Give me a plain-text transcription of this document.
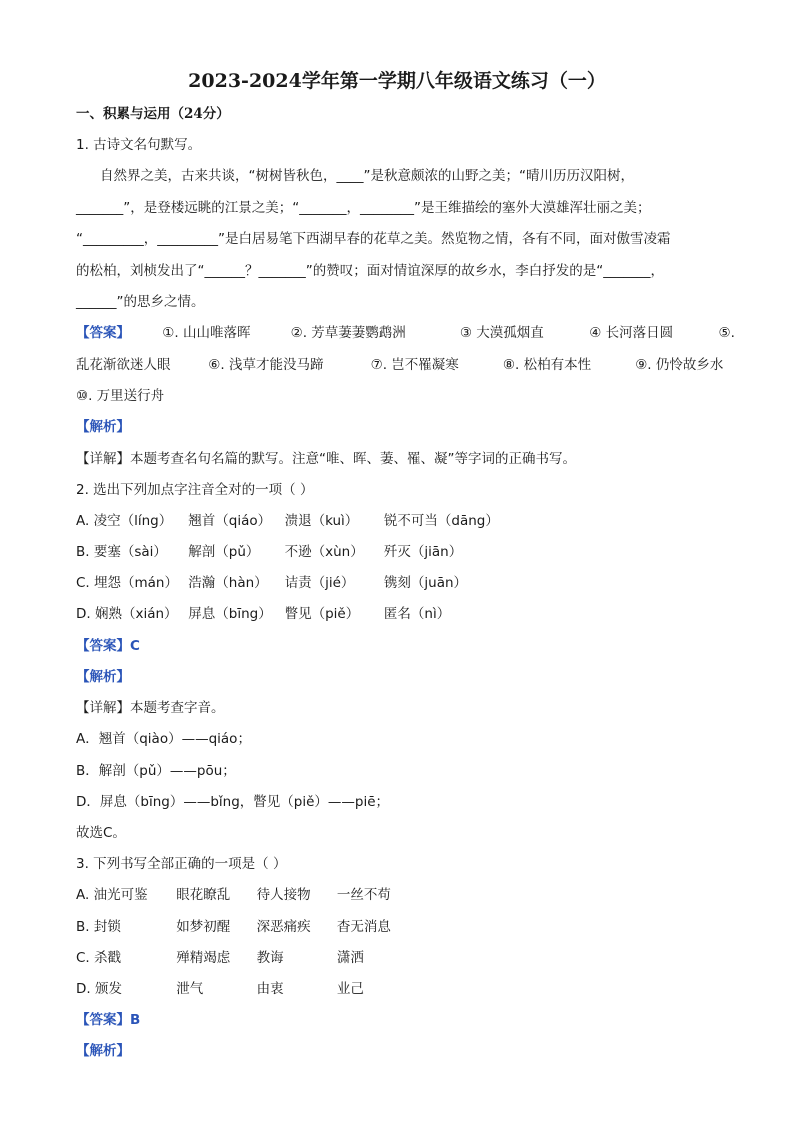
2023-2024学年第一学期八年级语文练习（一）
一、积累与运用（24分）
1. 古诗文名句默写。
自然界之美，古来共谈，“树树皆秋色，____”是秋意颇浓的山野之美；“晴川历历汉阳树，
_______”，是登楼远眺的江景之美；“_______，________”是王维描绘的塞外大漠雄浑壮丽之美；
“_________，_________”是白居易笔下西湖早春的花草之美。然览物之情，各有不同，面对傲雪凌霜
的松柏，刘桢发出了“______？_______”的赞叹；面对情谊深厚的故乡水，李白抒发的是“_______，
______”的思乡之情。
【答案】 ①. 山山唯落晖	②. 芳草萋萋鹦鹉洲	③ 大漠孤烟直	④ 长河落日圆	⑤.
乱花渐欲迷人眼	⑥. 浅草才能没马蹄	⑦. 岂不罹凝寒	⑧. 松柏有本性	⑨. 仍怜故乡水
⑩. 万里送行舟
【解析】
【详解】本题考查名句名篇的默写。注意“唯、晖、萋、罹、凝”等字词的正确书写。
2. 选出下列加点字注音全对的一项（ ）
A. 凌空（líng） 翘首（qiáo） 溃退（kuì） 锐不可当（dāng）
B. 要塞（sài） 解剖（pǔ） 不逊（xùn） 歼灭（jiān）
C. 埋怨（mán） 浩瀚（hàn） 诘责（jié） 镌刻（juān）
D. 娴熟（xián） 屏息（bīng） 瞥见（piě） 匿名（nì）
【答案】C
【解析】
【详解】本题考查字音。
A．翘首（qiào）——qiáo；
B．解剖（pǔ）——pōu；
D．屏息（bīng）——bǐng，瞥见（piě）——piē；
故选C。
3. 下列书写全部正确的一项是（ ）
A. 油光可鉴 眼花瞭乱 待人接物 一丝不苟
B. 封锁	如梦初醒 深恶痛疾 杳无消息
C. 杀戳	殚精竭虑 教诲	潇洒
D. 颁发	泄气	由衷	业己
【答案】B
【解析】
